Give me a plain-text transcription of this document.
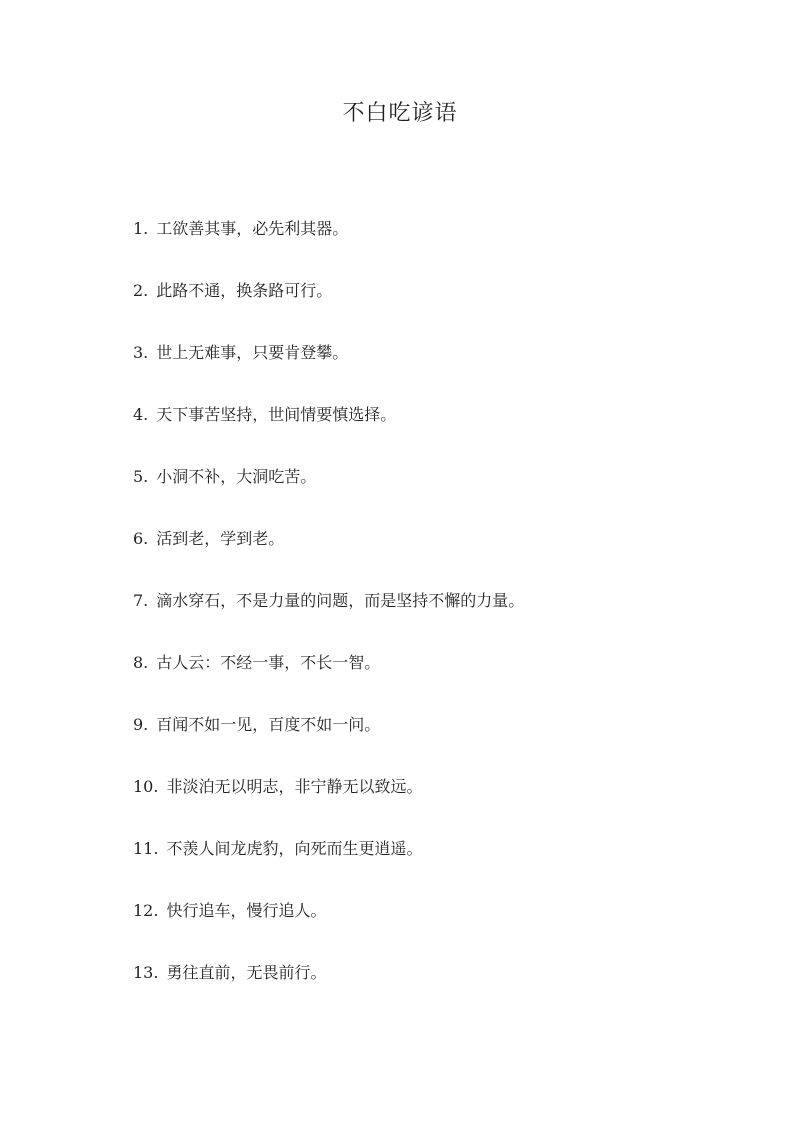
不白吃谚语
1. 工欲善其事，必先利其器。
2. 此路不通，换条路可行。
3. 世上无难事，只要肯登攀。
4. 天下事苦坚持，世间情要慎选择。
5. 小洞不补，大洞吃苦。
6. 活到老，学到老。
7. 滴水穿石，不是力量的问题，而是坚持不懈的力量。
8. 古人云：不经一事，不长一智。
9. 百闻不如一见，百度不如一问。
10. 非淡泊无以明志，非宁静无以致远。
11. 不羡人间龙虎豹，向死而生更逍遥。
12. 快行追车，慢行追人。
13. 勇往直前，无畏前行。
